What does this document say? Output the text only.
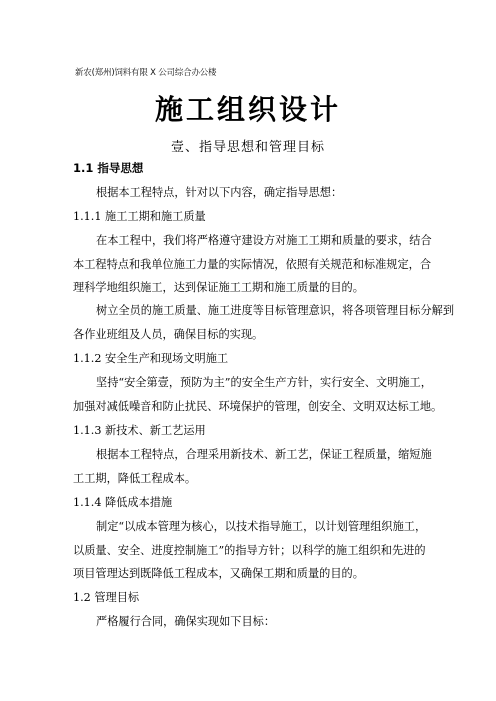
新农(郑州)饲料有限 X 公司综合办公楼
施工组织设计
壹、指导思想和管理目标
1.1 指导思想
根据本工程特点，针对以下内容，确定指导思想：
1.1.1 施工工期和施工质量
在本工程中，我们将严格遵守建设方对施工工期和质量的要求，结合
本工程特点和我单位施工力量的实际情况，依照有关规范和标准规定，合
理科学地组织施工，达到保证施工工期和施工质量的目的。
树立全员的施工质量、施工进度等目标管理意识，将各项管理目标分解到
各作业班组及人员，确保目标的实现。
1.1.2 安全生产和现场文明施工
坚持“安全第壹，预防为主”的安全生产方针，实行安全、文明施工，
加强对减低噪音和防止扰民、环境保护的管理，创安全、文明双达标工地。
1.1.3 新技术、新工艺运用
根据本工程特点，合理采用新技术、新工艺，保证工程质量，缩短施
工工期，降低工程成本。
1.1.4 降低成本措施
制定“以成本管理为核心，以技术指导施工，以计划管理组织施工，
以质量、安全、进度控制施工”的指导方针；以科学的施工组织和先进的
项目管理达到既降低工程成本，又确保工期和质量的目的。
1.2 管理目标
严格履行合同，确保实现如下目标：
